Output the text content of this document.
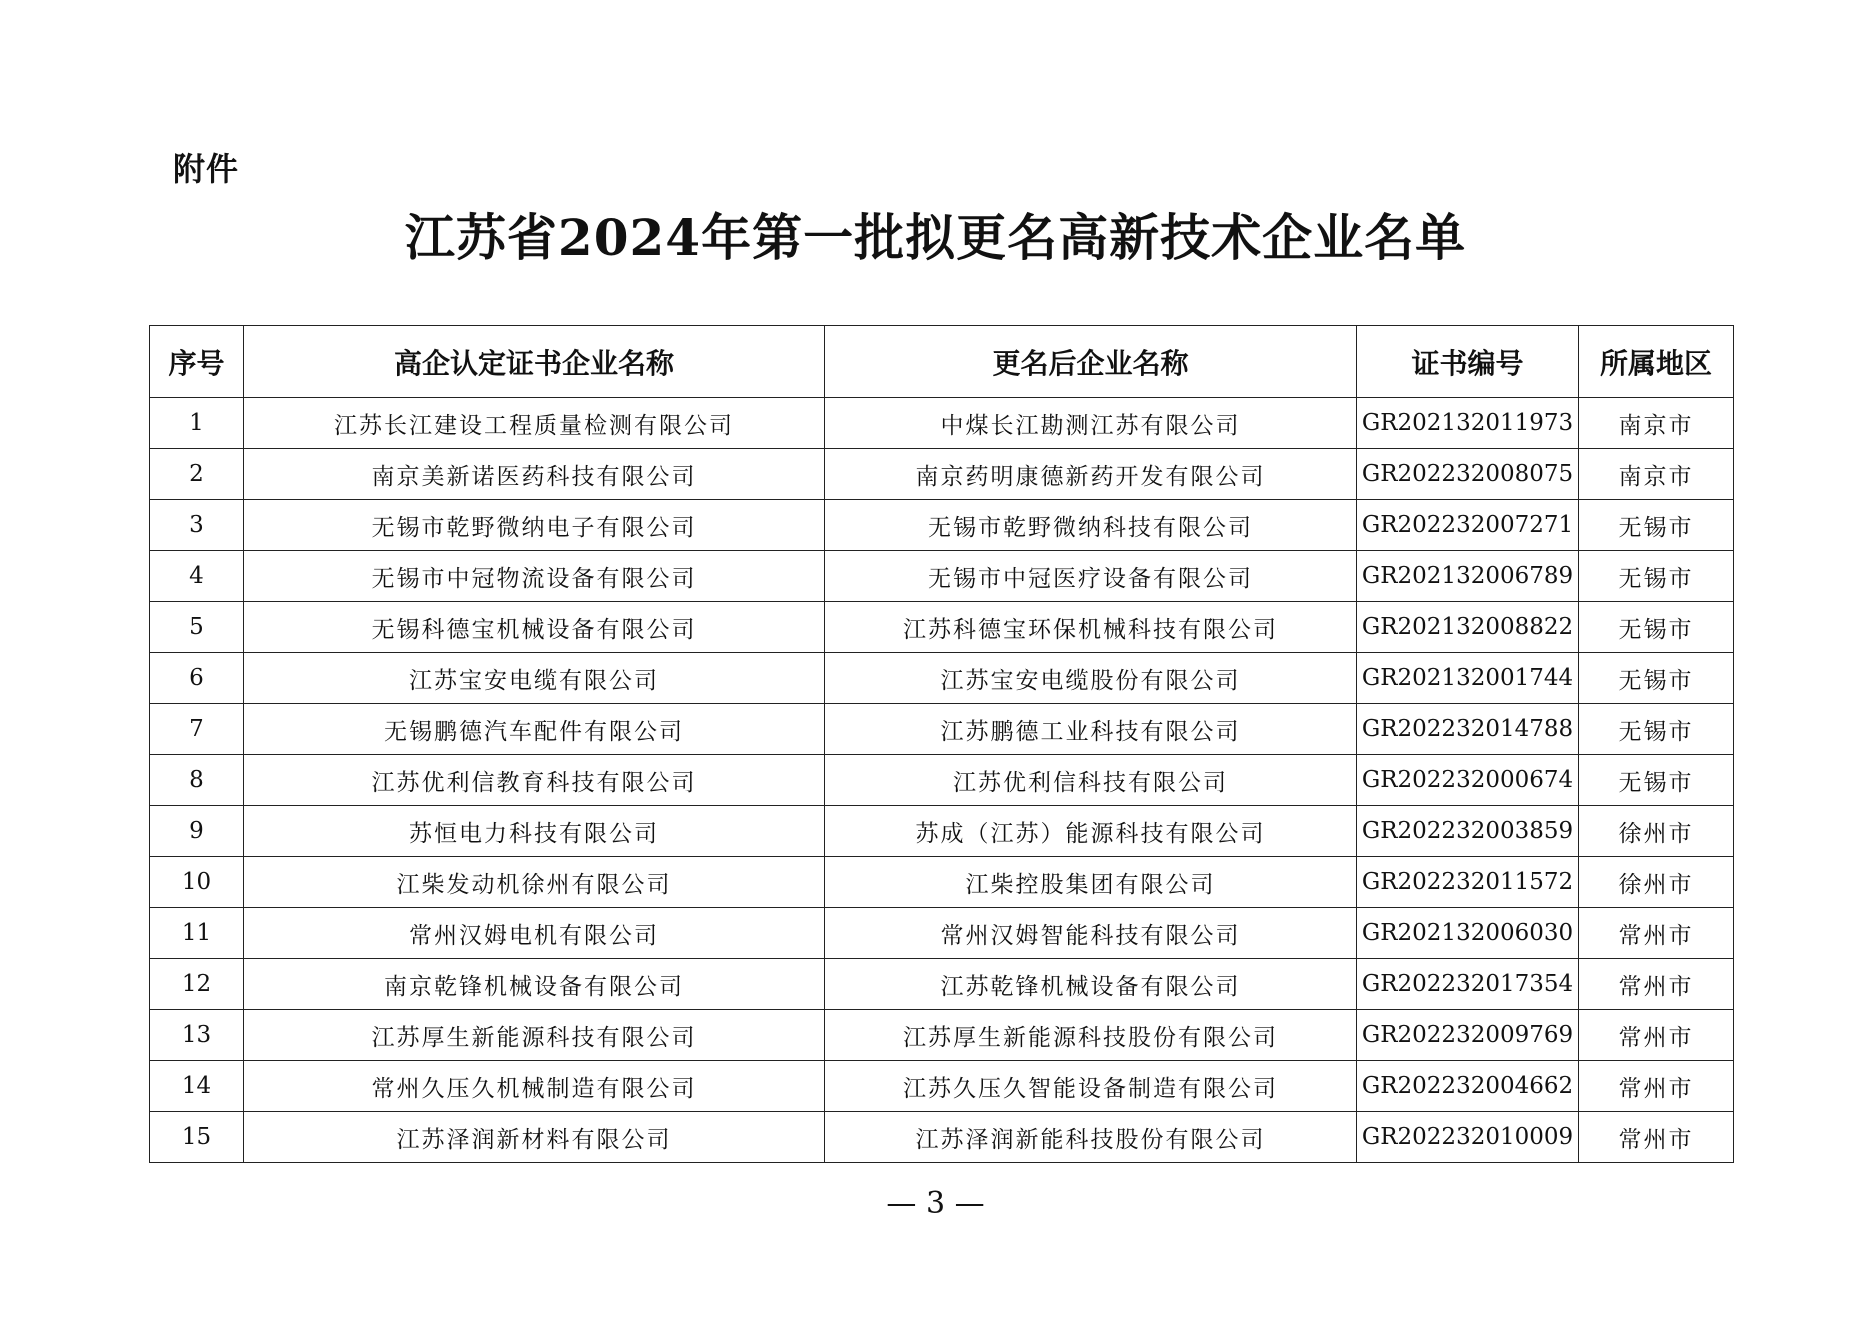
附件
江苏省2024年第一批拟更名高新技术企业名单
序号	高企认定证书企业名称	更名后企业名称	证书编号	所属地区
1	江苏长江建设工程质量检测有限公司	中煤长江勘测江苏有限公司	GR202132011973	南京市
2	南京美新诺医药科技有限公司	南京药明康德新药开发有限公司	GR202232008075	南京市
3	无锡市乾野微纳电子有限公司	无锡市乾野微纳科技有限公司	GR202232007271	无锡市
4	无锡市中冠物流设备有限公司	无锡市中冠医疗设备有限公司	GR202132006789	无锡市
5	无锡科德宝机械设备有限公司	江苏科德宝环保机械科技有限公司	GR202132008822	无锡市
6	江苏宝安电缆有限公司	江苏宝安电缆股份有限公司	GR202132001744	无锡市
7	无锡鹏德汽车配件有限公司	江苏鹏德工业科技有限公司	GR202232014788	无锡市
8	江苏优利信教育科技有限公司	江苏优利信科技有限公司	GR202232000674	无锡市
9	苏恒电力科技有限公司	苏成（江苏）能源科技有限公司	GR202232003859	徐州市
10	江柴发动机徐州有限公司	江柴控股集团有限公司	GR202232011572	徐州市
11	常州汉姆电机有限公司	常州汉姆智能科技有限公司	GR202132006030	常州市
12	南京乾锋机械设备有限公司	江苏乾锋机械设备有限公司	GR202232017354	常州市
13	江苏厚生新能源科技有限公司	江苏厚生新能源科技股份有限公司	GR202232009769	常州市
14	常州久压久机械制造有限公司	江苏久压久智能设备制造有限公司	GR202232004662	常州市
15	江苏泽润新材料有限公司	江苏泽润新能科技股份有限公司	GR202232010009	常州市
— 3 —
